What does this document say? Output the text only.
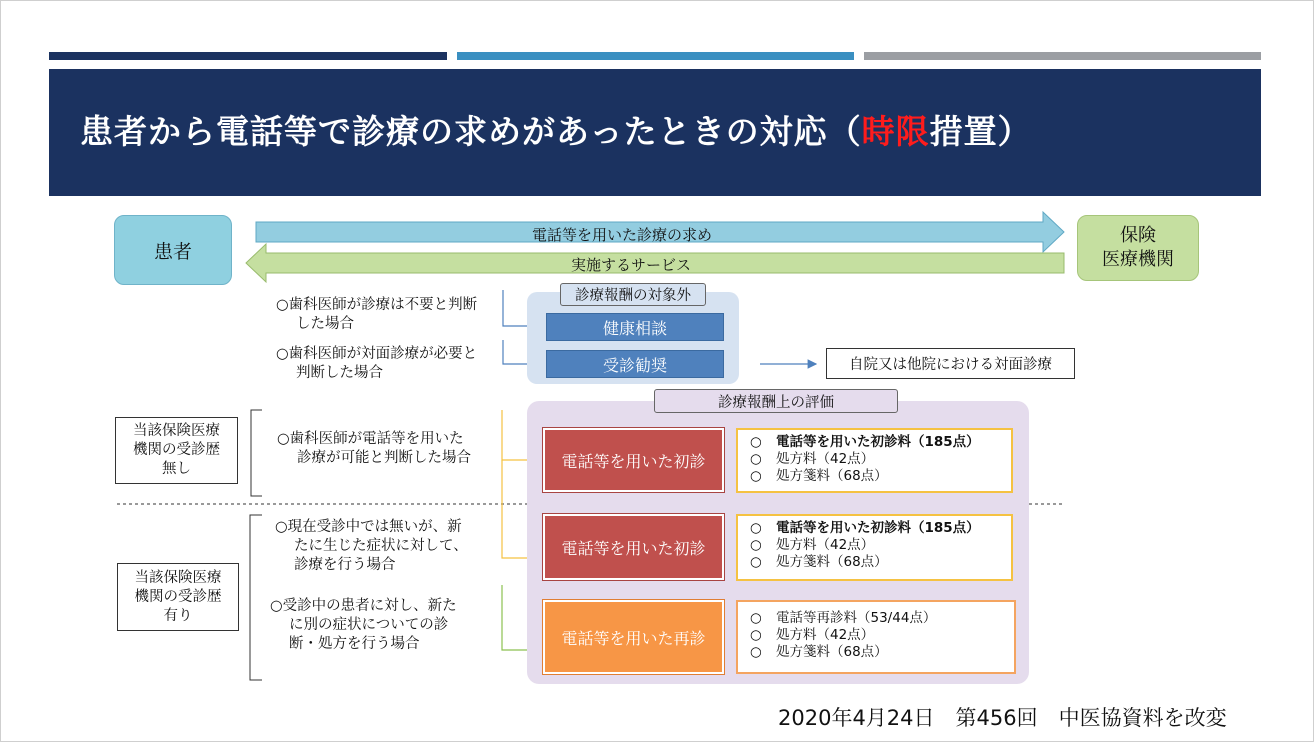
患者から電話等で診療の求めがあったときの対応（時限措置）
患者
保険
医療機関
電話等を用いた診療の求め
実施するサービス
○歯科医師が診療は不要と判断
した場合
○歯科医師が対面診療が必要と
判断した場合
○歯科医師が電話等を用いた
診療が可能と判断した場合
○現在受診中では無いが、新
たに生じた症状に対して、
診療を行う場合
○受診中の患者に対し、新た
に別の症状についての診
断・処方を行う場合
当該保険医療
機関の受診歴
無し
当該保険医療
機関の受診歴
有り
診療報酬の対象外
健康相談
受診勧奨	自院又は他院における対面診療
診療報酬上の評価
電話等を用いた初診
○ 電話等を用いた初診料（185点）
○ 処方料（42点）
○ 処方箋料（68点）
電話等を用いた初診
○ 電話等を用いた初診料（185点）
○ 処方料（42点）
○ 処方箋料（68点）
電話等を用いた再診
○ 電話等再診料（53/44点）
○ 処方料（42点）
○ 処方箋料（68点）
2020年4月24日　第456回　中医協資料を改変
